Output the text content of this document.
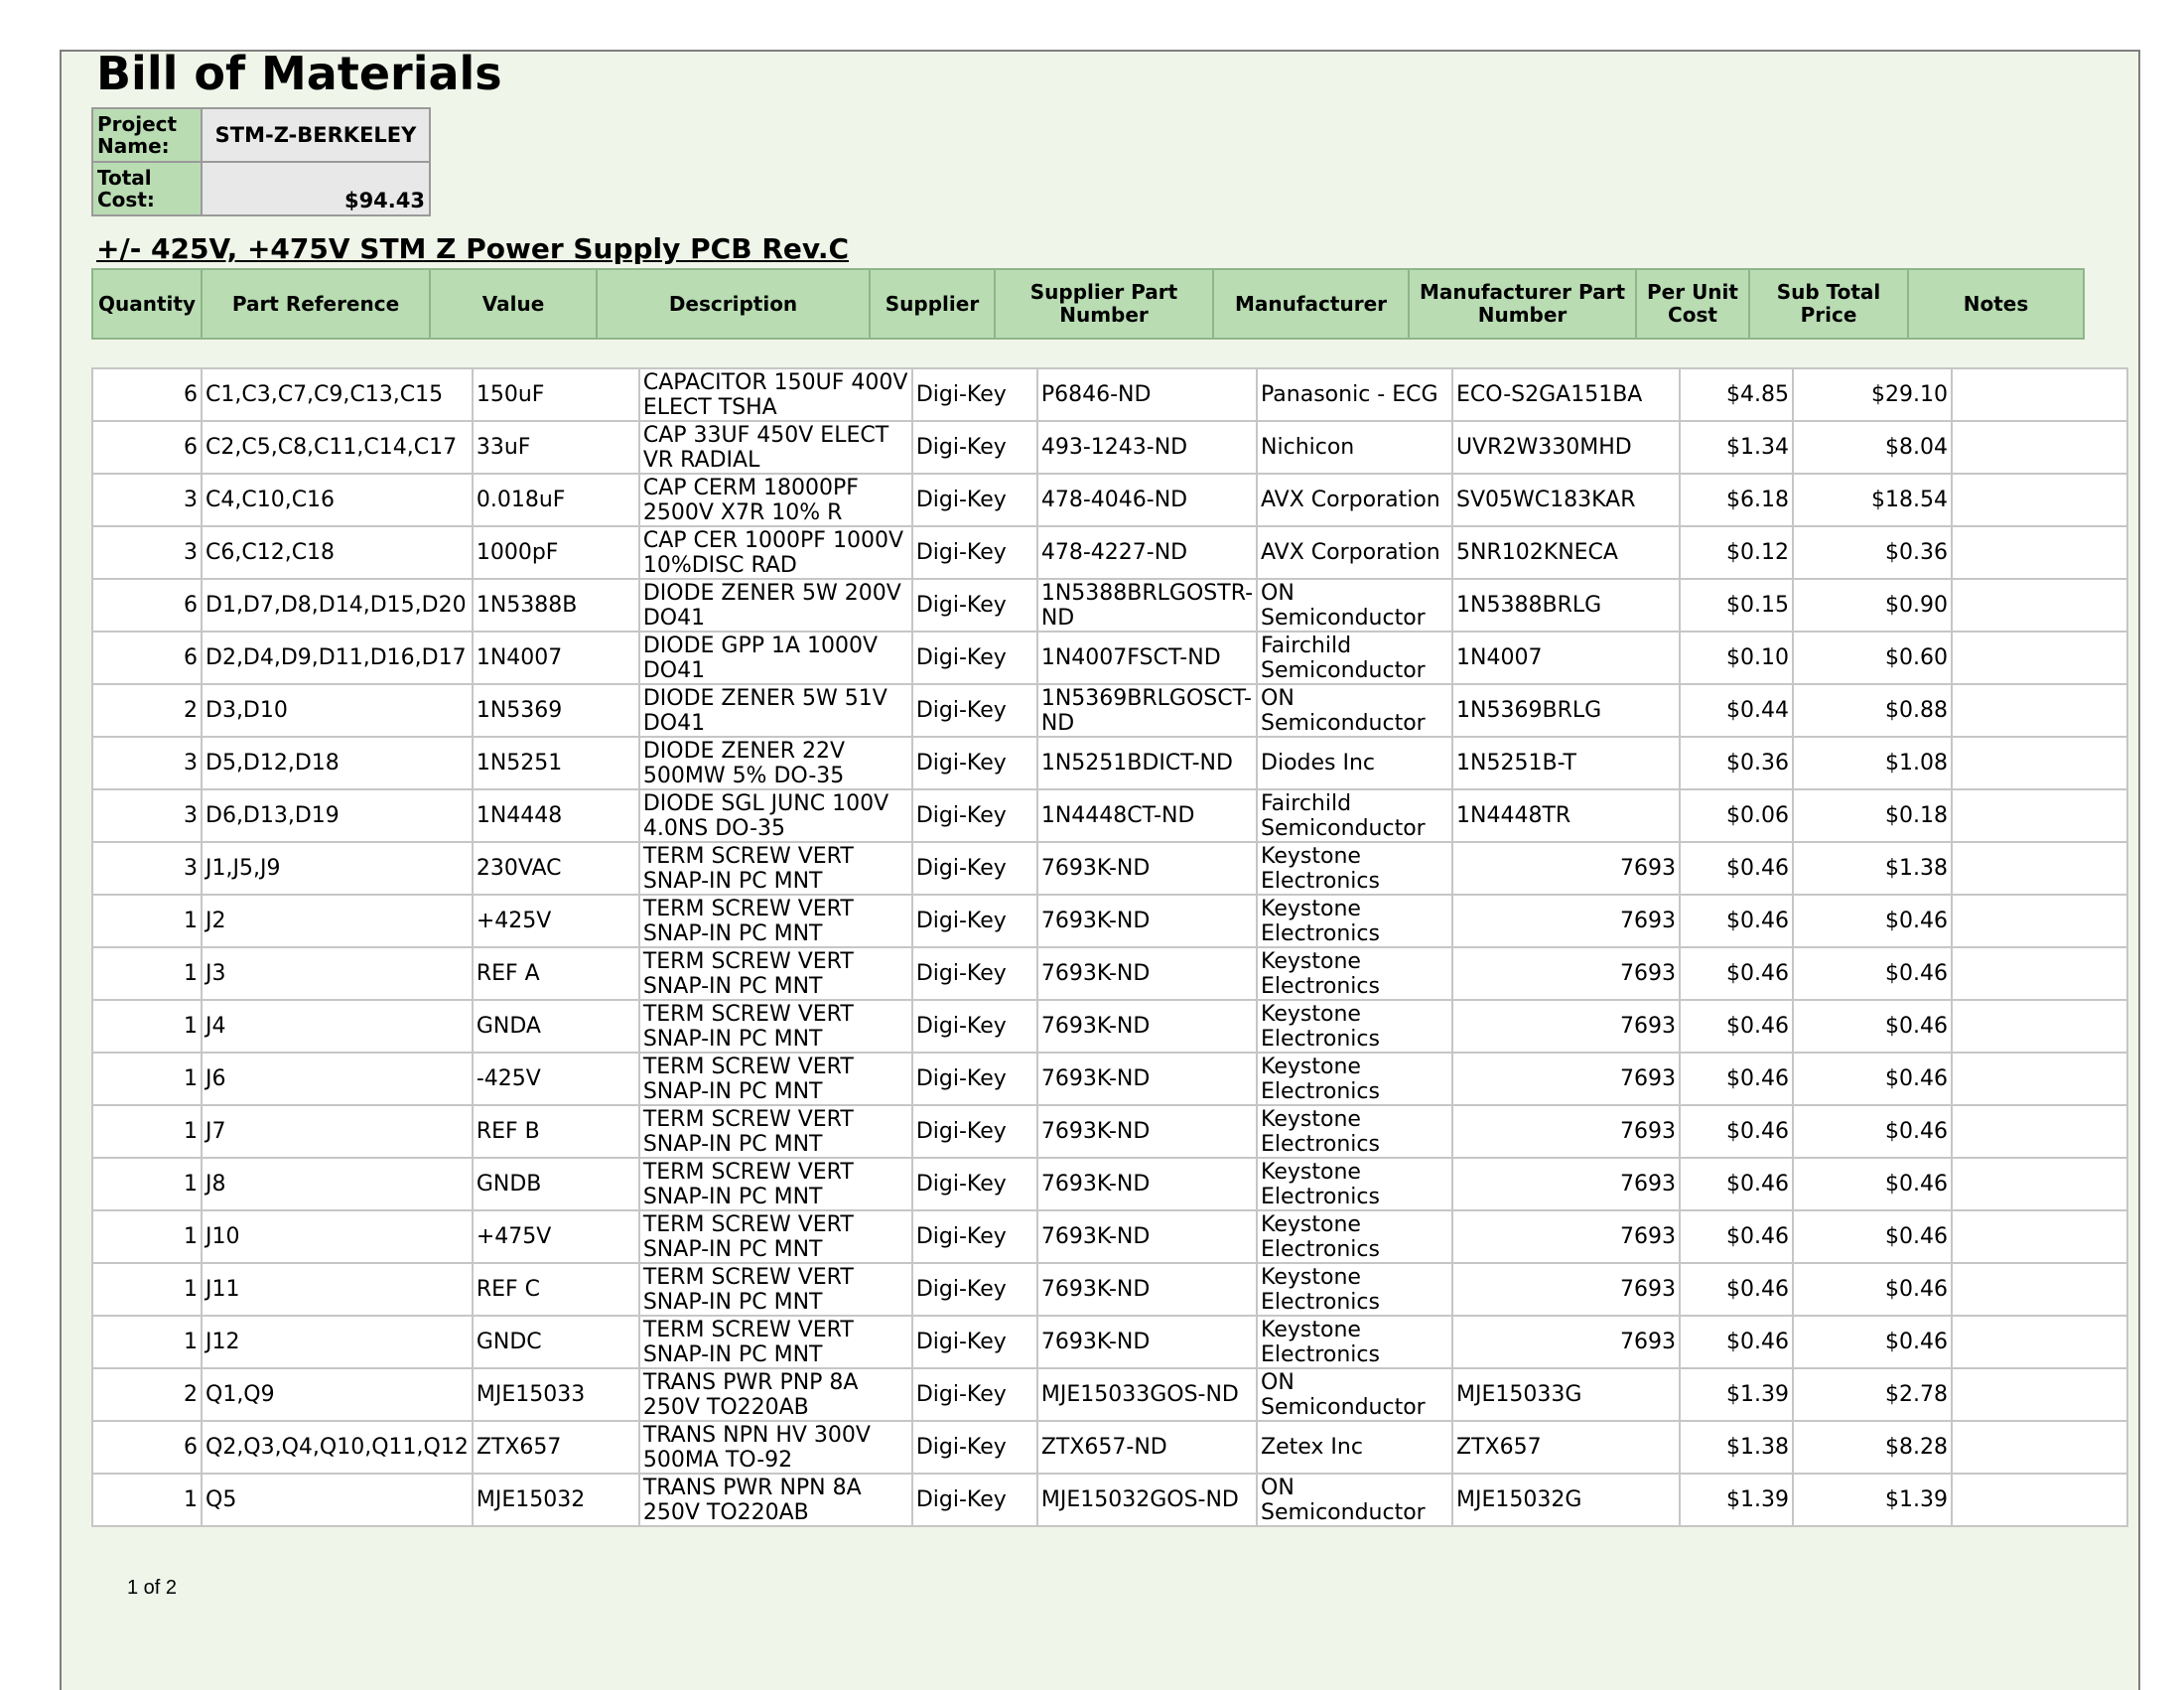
Bill of Materials
Project Name:	STM-Z-BERKELEY
Total Cost:	$94.43
+/- 425V, +475V STM Z Power Supply PCB Rev.C
Quantity	Part Reference	Value	Description	Supplier	Supplier Part Number	Manufacturer	Manufacturer Part Number	Per Unit Cost	Sub Total Price	Notes
6	C1,C3,C7,C9,C13,C15	150uF	CAPACITOR 150UF 400V ELECT TSHA	Digi-Key	P6846-ND	Panasonic - ECG	ECO-S2GA151BA	$4.85	$29.10	
6	C2,C5,C8,C11,C14,C17	33uF	CAP 33UF 450V ELECT VR RADIAL	Digi-Key	493-1243-ND	Nichicon	UVR2W330MHD	$1.34	$8.04	
3	C4,C10,C16	0.018uF	CAP CERM 18000PF 2500V X7R 10% R	Digi-Key	478-4046-ND	AVX Corporation	SV05WC183KAR	$6.18	$18.54	
3	C6,C12,C18	1000pF	CAP CER 1000PF 1000V 10%DISC RAD	Digi-Key	478-4227-ND	AVX Corporation	5NR102KNECA	$0.12	$0.36	
6	D1,D7,D8,D14,D15,D20	1N5388B	DIODE ZENER 5W 200V DO41	Digi-Key	1N5388BRLGOSTR-ND	ON Semiconductor	1N5388BRLG	$0.15	$0.90	
6	D2,D4,D9,D11,D16,D17	1N4007	DIODE GPP 1A 1000V DO41	Digi-Key	1N4007FSCT-ND	Fairchild Semiconductor	1N4007	$0.10	$0.60	
2	D3,D10	1N5369	DIODE ZENER 5W 51V DO41	Digi-Key	1N5369BRLGOSCT-ND	ON Semiconductor	1N5369BRLG	$0.44	$0.88	
3	D5,D12,D18	1N5251	DIODE ZENER 22V 500MW 5% DO-35	Digi-Key	1N5251BDICT-ND	Diodes Inc	1N5251B-T	$0.36	$1.08	
3	D6,D13,D19	1N4448	DIODE SGL JUNC 100V 4.0NS DO-35	Digi-Key	1N4448CT-ND	Fairchild Semiconductor	1N4448TR	$0.06	$0.18	
3	J1,J5,J9	230VAC	TERM SCREW VERT SNAP-IN PC MNT	Digi-Key	7693K-ND	Keystone Electronics	7693	$0.46	$1.38	
1	J2	+425V	TERM SCREW VERT SNAP-IN PC MNT	Digi-Key	7693K-ND	Keystone Electronics	7693	$0.46	$0.46	
1	J3	REF A	TERM SCREW VERT SNAP-IN PC MNT	Digi-Key	7693K-ND	Keystone Electronics	7693	$0.46	$0.46	
1	J4	GNDA	TERM SCREW VERT SNAP-IN PC MNT	Digi-Key	7693K-ND	Keystone Electronics	7693	$0.46	$0.46	
1	J6	-425V	TERM SCREW VERT SNAP-IN PC MNT	Digi-Key	7693K-ND	Keystone Electronics	7693	$0.46	$0.46	
1	J7	REF B	TERM SCREW VERT SNAP-IN PC MNT	Digi-Key	7693K-ND	Keystone Electronics	7693	$0.46	$0.46	
1	J8	GNDB	TERM SCREW VERT SNAP-IN PC MNT	Digi-Key	7693K-ND	Keystone Electronics	7693	$0.46	$0.46	
1	J10	+475V	TERM SCREW VERT SNAP-IN PC MNT	Digi-Key	7693K-ND	Keystone Electronics	7693	$0.46	$0.46	
1	J11	REF C	TERM SCREW VERT SNAP-IN PC MNT	Digi-Key	7693K-ND	Keystone Electronics	7693	$0.46	$0.46	
1	J12	GNDC	TERM SCREW VERT SNAP-IN PC MNT	Digi-Key	7693K-ND	Keystone Electronics	7693	$0.46	$0.46	
2	Q1,Q9	MJE15033	TRANS PWR PNP 8A 250V TO220AB	Digi-Key	MJE15033GOS-ND	ON Semiconductor	MJE15033G	$1.39	$2.78	
6	Q2,Q3,Q4,Q10,Q11,Q12	ZTX657	TRANS NPN HV 300V 500MA TO-92	Digi-Key	ZTX657-ND	Zetex Inc	ZTX657	$1.38	$8.28	
1	Q5	MJE15032	TRANS PWR NPN 8A 250V TO220AB	Digi-Key	MJE15032GOS-ND	ON Semiconductor	MJE15032G	$1.39	$1.39	
1 of 2
